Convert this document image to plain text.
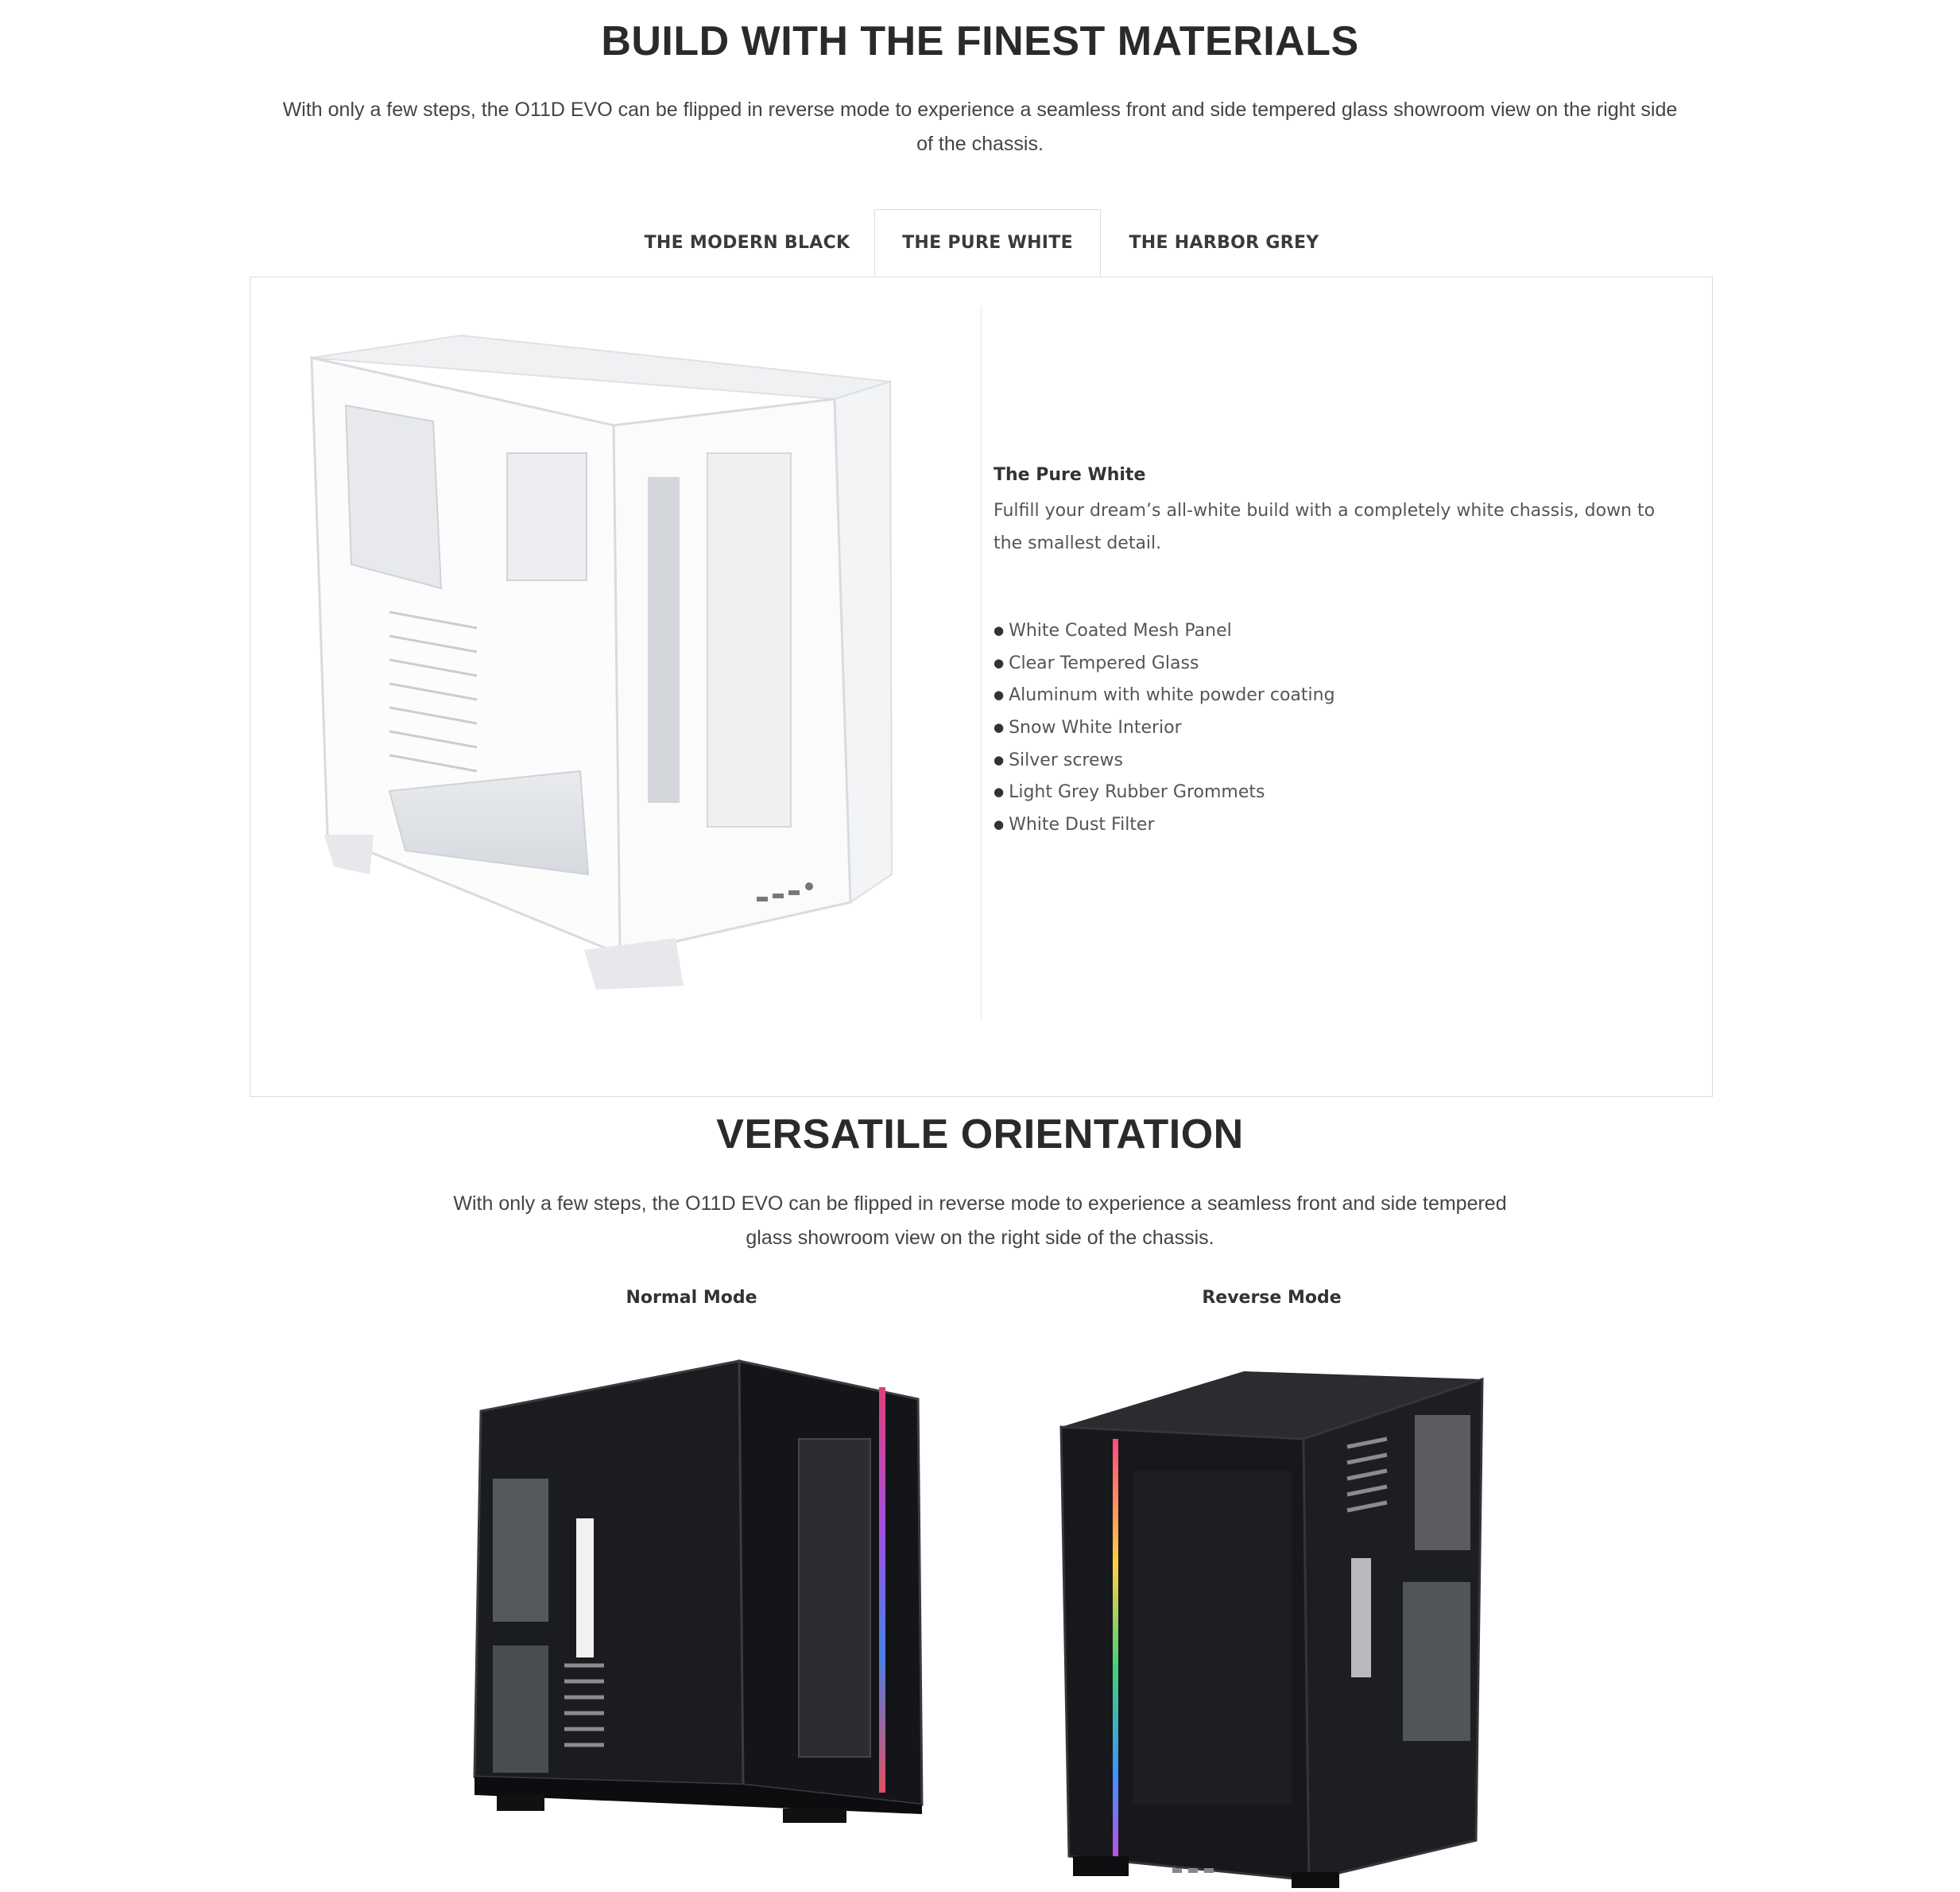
BUILD WITH THE FINEST MATERIALS
With only a few steps, the O11D EVO can be flipped in reverse mode to experience a seamless front and side tempered glass showroom view on the right side of the chassis.
THE MODERN BLACK	THE PURE WHITE	THE HARBOR GREY
The Pure White
Fulfill your dream’s all-white build with a completely white chassis, down to the smallest detail.
● White Coated Mesh Panel
● Clear Tempered Glass
● Aluminum with white powder coating
● Snow White Interior
● Silver screws
● Light Grey Rubber Grommets
● White Dust Filter
VERSATILE ORIENTATION
With only a few steps, the O11D EVO can be flipped in reverse mode to experience a seamless front and side tempered glass showroom view on the right side of the chassis.
Normal Mode	Reverse Mode
